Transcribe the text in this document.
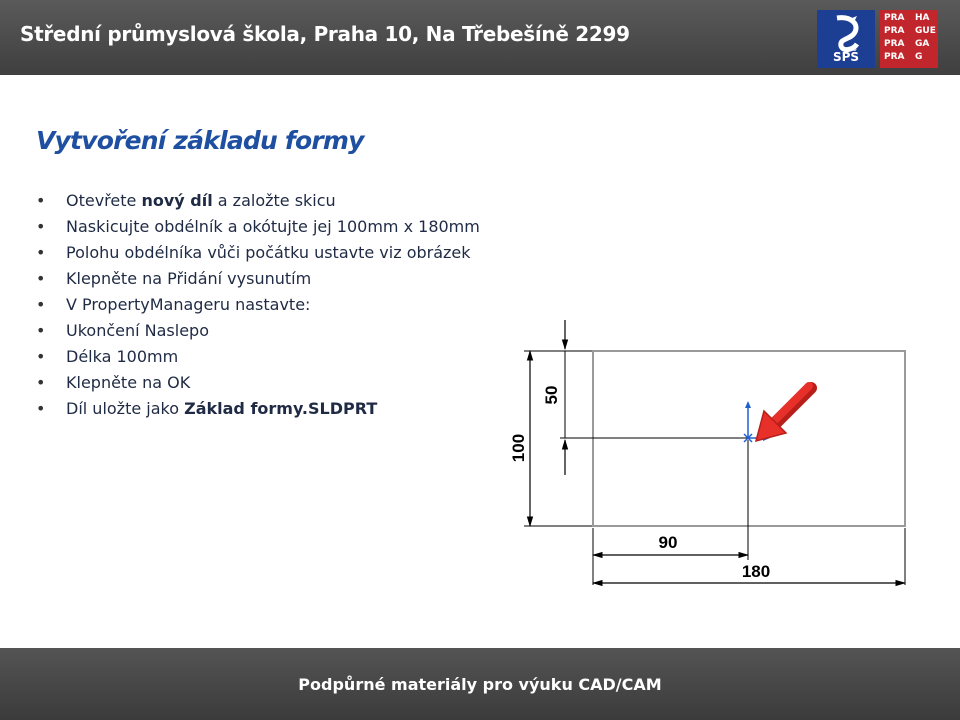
Střední průmyslová škola, Praha 10, Na Třebešíně 2299
SPŠ
PRA HA
PRA GUE
PRA GA
PRA G
Vytvoření základu formy
• Otevřete nový díl a založte skicu
• Naskicujte obdélník a okótujte jej 100mm x 180mm
• Polohu obdélníka vůči počátku ustavte viz obrázek
• Klepněte na Přidání vysunutím
• V PropertyManageru nastavte:
• Ukončení Naslepo
• Délka 100mm
• Klepněte na OK
• Díl uložte jako Základ formy.SLDPRT
50
100
90
180
Podpůrné materiály pro výuku CAD/CAM
